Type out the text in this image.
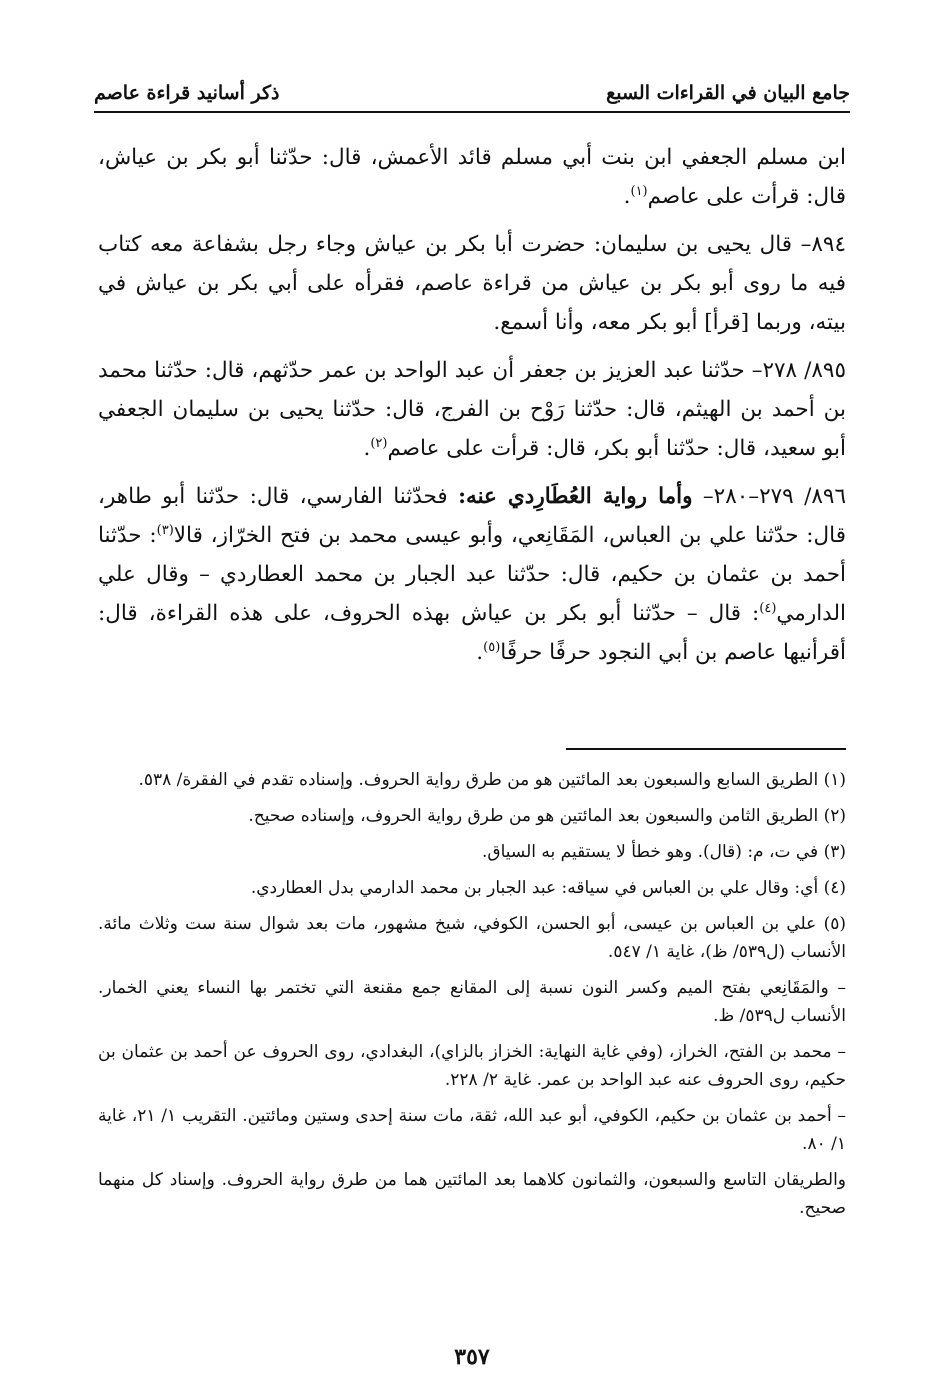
جامع البيان في القراءات السبع
ذكر أسانيد قراءة عاصم

ابن مسلم الجعفي ابن بنت أبي مسلم قائد الأعمش، قال: حدّثنا أبو بكر بن عياش، قال: قرأت على عاصم$^{(١)}$.

٨٩٤– قال يحيى بن سليمان: حضرت أبا بكر بن عياش وجاء رجل بشفاعة معه كتاب فيه ما روى أبو بكر بن عياش من قراءة عاصم، فقرأه على أبي بكر بن عياش في بيته، وربما [قرأ] أبو بكر معه، وأنا أسمع.

٨٩٥/ ٢٧٨– حدّثنا عبد العزيز بن جعفر أن عبد الواحد بن عمر حدّثهم، قال: حدّثنا محمد بن أحمد بن الهيثم، قال: حدّثنا رَوْح بن الفرج، قال: حدّثنا يحيى بن سليمان الجعفي أبو سعيد، قال: حدّثنا أبو بكر، قال: قرأت على عاصم$^{(٢)}$.

٨٩٦/ ٢٧٩–٢٨٠– وأما رواية العُطَارِدي عنه: فحدّثنا الفارسي، قال: حدّثنا أبو طاهر، قال: حدّثنا علي بن العباس، المَقَانِعي، وأبو عيسى محمد بن فتح الخرّاز، قالا$^{(٣)}$: حدّثنا أحمد بن عثمان بن حكيم، قال: حدّثنا عبد الجبار بن محمد العطاردي – وقال علي الدارمي$^{(٤)}$: قال – حدّثنا أبو بكر بن عياش بهذه الحروف، على هذه القراءة، قال: أقرأنيها عاصم بن أبي النجود حرفًا حرفًا$^{(٥)}$.

(١) الطريق السابع والسبعون بعد المائتين هو من طرق رواية الحروف. وإسناده تقدم في الفقرة/ ٥٣٨.

(٢) الطريق الثامن والسبعون بعد المائتين هو من طرق رواية الحروف، وإسناده صحيح.

(٣) في ت، م: (قال). وهو خطأ لا يستقيم به السياق.

(٤) أي: وقال علي بن العباس في سياقه: عبد الجبار بن محمد الدارمي بدل العطاردي.

(٥) علي بن العباس بن عيسى، أبو الحسن، الكوفي، شيخ مشهور، مات بعد شوال سنة ست وثلاث مائة. الأنساب (ل٥٣٩/ ظ)، غاية ١/ ٥٤٧.

– والمَقَانِعي بفتح الميم وكسر النون نسبة إلى المقانع جمع مقنعة التي تختمر بها النساء يعني الخمار. الأنساب ل٥٣٩/ ظ.

– محمد بن الفتح، الخراز، (وفي غاية النهاية: الخزاز بالزاي)، البغدادي، روى الحروف عن أحمد بن عثمان بن حكيم، روى الحروف عنه عبد الواحد بن عمر. غاية ٢/ ٢٢٨.

– أحمد بن عثمان بن حكيم، الكوفي، أبو عبد الله، ثقة، مات سنة إحدى وستين ومائتين. التقريب ١/ ٢١، غاية ١/ ٨٠.

والطريقان التاسع والسبعون، والثمانون كلاهما بعد المائتين هما من طرق رواية الحروف. وإسناد كل منهما صحيح.

٣٥٧
